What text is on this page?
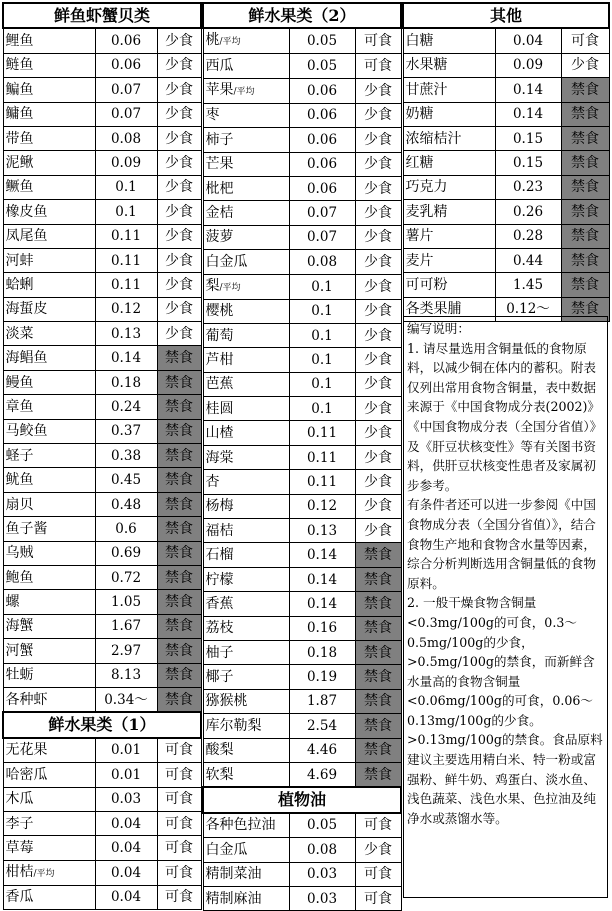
鲜鱼虾蟹贝类		
鲤鱼	0.06	少食
鲢鱼	0.06	少食
鳊鱼	0.07	少食
鳙鱼	0.07	少食
带鱼	0.08	少食
泥鳅	0.09	少食
鳜鱼	0.1	少食
橡皮鱼	0.1	少食
凤尾鱼	0.11	少食
河蚌	0.11	少食
蛤蜊	0.11	少食
海蜇皮	0.12	少食
淡菜	0.13	少食
海鲳鱼	0.14	禁食
鳗鱼	0.18	禁食
章鱼	0.24	禁食
马鲛鱼	0.37	禁食
蛏子	0.38	禁食
鱿鱼	0.45	禁食
扇贝	0.48	禁食
鱼子酱	0.6	禁食
乌贼	0.69	禁食
鲍鱼	0.72	禁食
螺	1.05	禁食
海蟹	1.67	禁食
河蟹	2.97	禁食
牡蛎	8.13	禁食
各种虾	0.34～	禁食
鲜水果类（1）		
无花果	0.01	可食
哈密瓜	0.01	可食
木瓜	0.03	可食
李子	0.04	可食
草莓	0.04	可食
柑桔/平均	0.04	可食
香瓜	0.04	可食
鲜水果类（2）		
桃/平均	0.05	可食
西瓜	0.05	可食
苹果/平均	0.06	少食
枣	0.06	少食
柿子	0.06	少食
芒果	0.06	少食
枇杷	0.06	少食
金桔	0.07	少食
菠萝	0.07	少食
白金瓜	0.08	少食
梨/平均	0.1	少食
樱桃	0.1	少食
葡萄	0.1	少食
芦柑	0.1	少食
芭蕉	0.1	少食
桂圆	0.1	少食
山楂	0.11	少食
海棠	0.11	少食
杏	0.11	少食
杨梅	0.12	少食
福桔	0.13	少食
石榴	0.14	禁食
柠檬	0.14	禁食
香蕉	0.14	禁食
荔枝	0.16	禁食
柚子	0.18	禁食
椰子	0.19	禁食
猕猴桃	1.87	禁食
库尔勒梨	2.54	禁食
酸梨	4.46	禁食
软梨	4.69	禁食
植物油		
各种色拉油	0.05	可食
白金瓜	0.08	少食
精制菜油	0.03	可食
精制麻油	0.03	可食
其他		
白糖	0.04	可食
水果糖	0.09	少食
甘蔗汁	0.14	禁食
奶糖	0.14	禁食
浓缩桔汁	0.15	禁食
红糖	0.15	禁食
巧克力	0.23	禁食
麦乳精	0.26	禁食
薯片	0.28	禁食
麦片	0.44	禁食
可可粉	1.45	禁食
各类果脯	0.12～	禁食

编写说明：

1. 请尽量选用含铜量低的食物原料，以减少铜在体内的蓄积。附表仅列出常用食物含铜量，表中数据来源于《中国食物成分表(2002)》《中国食物成分表（全国分省值）》及《肝豆状核变性》等有关图书资料，供肝豆状核变性患者及家属初步参考。

有条件者还可以进一步参阅《中国食物成分表（全国分省值）》，结合食物生产地和食物含水量等因素，综合分析判断选用含铜量低的食物原料。

2. 一般干燥食物含铜量<0.3mg/100g的可食，0.3～0.5mg/100g的少食，>0.5mg/100g的禁食，而新鲜含水量高的食物含铜量<0.06mg/100g的可食，0.06～0.13mg/100g的少食。>0.13mg/100g的禁食。食品原料建议主要选用精白米、特一粉或富强粉、鲜牛奶、鸡蛋白、淡水鱼、浅色蔬菜、浅色水果、色拉油及纯净水或蒸馏水等。
